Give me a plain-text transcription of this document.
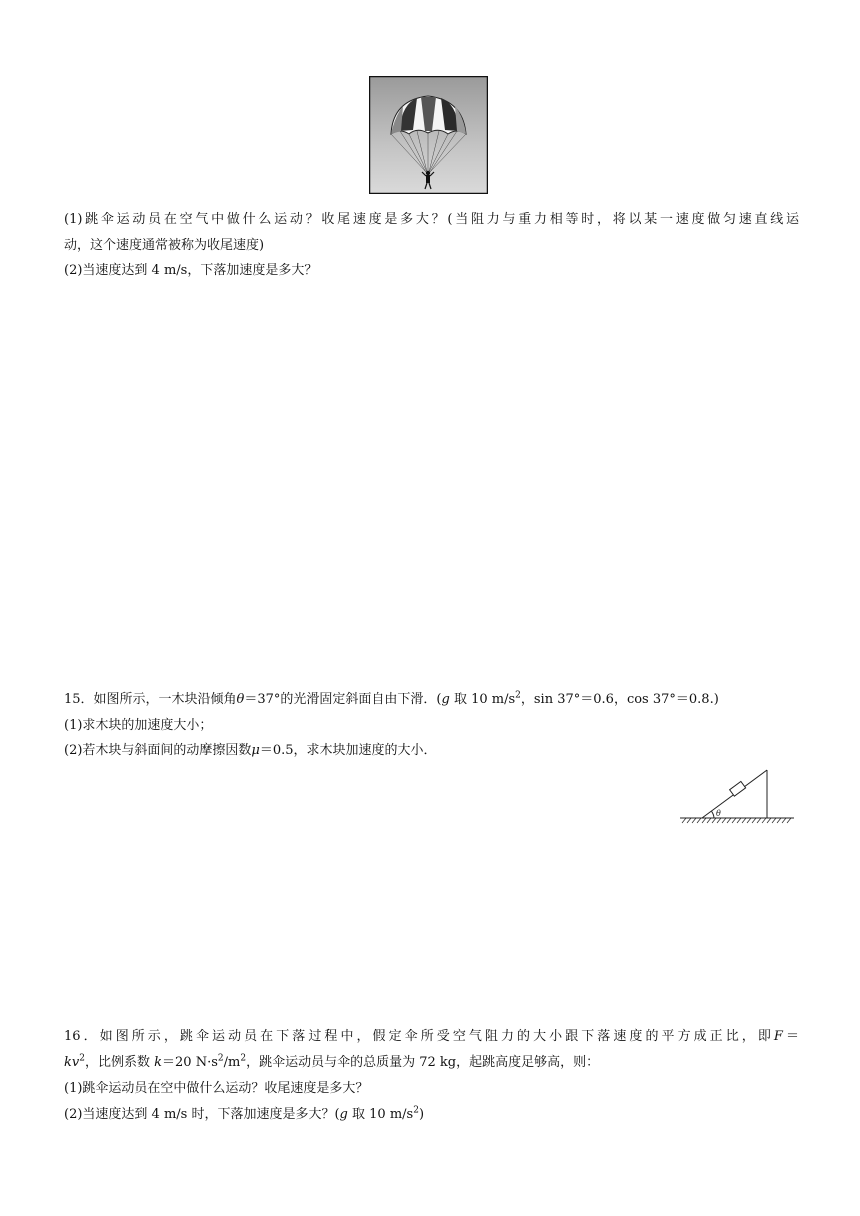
(1)跳伞运动员在空气中做什么运动？收尾速度是多大？(当阻力与重力相等时，将以某一速度做匀速直线运
动，这个速度通常被称为收尾速度)
(2)当速度达到 4 m/s，下落加速度是多大？
15．如图所示，一木块沿倾角θ＝37°的光滑固定斜面自由下滑．(g 取 10 $m/s^2$，sin 37°＝0.6，cos 37°＝0.8.)
(1)求木块的加速度大小；
(2)若木块与斜面间的动摩擦因数μ＝0.5，求木块加速度的大小．
θ
16．如图所示，跳伞运动员在下落过程中，假定伞所受空气阻力的大小跟下落速度的平方成正比，即F＝
$kv^2$，比例系数 k＝20 $N\cdot s^2/m^2$，跳伞运动员与伞的总质量为 72 kg，起跳高度足够高，则：
(1)跳伞运动员在空中做什么运动？收尾速度是多大？
(2)当速度达到 4 m/s 时，下落加速度是多大？(g 取 10 $m/s^2$)
